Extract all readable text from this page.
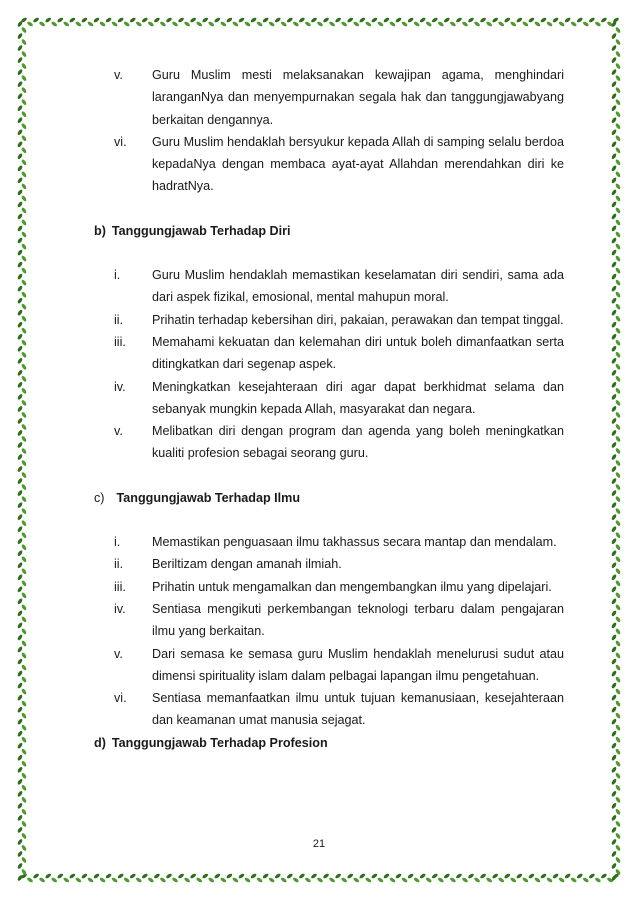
v.	Guru Muslim mesti melaksanakan kewajipan agama, menghindari laranganNya dan menyempurnakan segala hak dan tanggungjawabyang berkaitan dengannya.
vi.	Guru Muslim hendaklah bersyukur kepada Allah di samping selalu berdoa kepadaNya dengan membaca ayat-ayat Allahdan merendahkan diri ke hadratNya.
b) Tanggungjawab Terhadap Diri
i.	Guru Muslim hendaklah memastikan keselamatan diri sendiri, sama ada dari aspek fizikal, emosional, mental mahupun moral.
ii.	Prihatin terhadap kebersihan diri, pakaian, perawakan dan tempat tinggal.
iii.	Memahami kekuatan dan kelemahan diri untuk boleh dimanfaatkan serta ditingkatkan dari segenap aspek.
iv.	Meningkatkan kesejahteraan diri agar dapat berkhidmat selama dan sebanyak mungkin kepada Allah, masyarakat dan negara.
v.	Melibatkan diri dengan program dan agenda yang boleh meningkatkan kualiti profesion sebagai seorang guru.
c) Tanggungjawab Terhadap Ilmu
i.	Memastikan penguasaan ilmu takhassus secara mantap dan mendalam.
ii.	Beriltizam dengan amanah ilmiah.
iii.	Prihatin untuk mengamalkan dan mengembangkan ilmu yang dipelajari.
iv.	Sentiasa mengikuti perkembangan teknologi terbaru dalam pengajaran ilmu yang berkaitan.
v.	Dari semasa ke semasa guru Muslim hendaklah menelurusi sudut atau dimensi spirituality islam dalam pelbagai lapangan ilmu pengetahuan.
vi.	Sentiasa memanfaatkan ilmu untuk tujuan kemanusiaan, kesejahteraan dan keamanan umat manusia sejagat.
d) Tanggungjawab Terhadap Profesion
21
